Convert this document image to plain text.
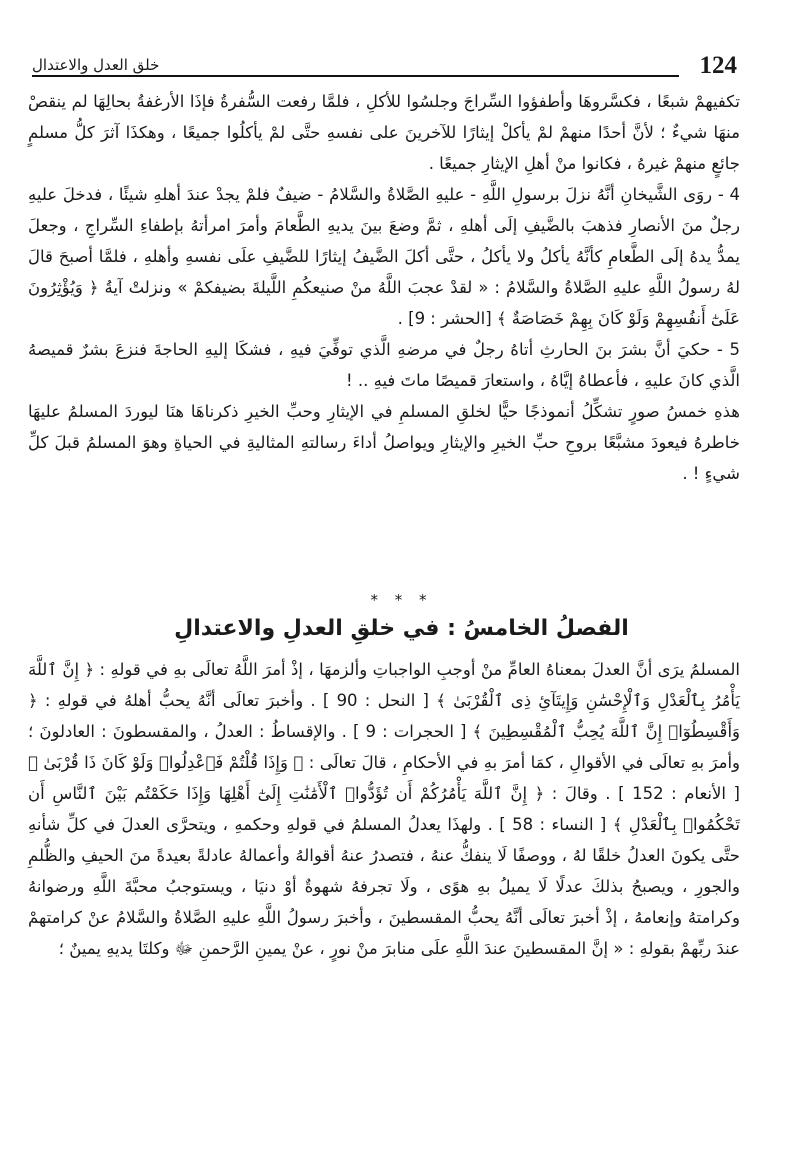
124
خلق العدل والاعتدال

تكفيهمْ شبعًا ، فكسَّروهَا وأطفؤوا السِّراجَ وجلسُوا للأكلِ ، فلمَّا رفعت السُّفرةُ فإذَا الأرغفةُ بحالِهَا لم ينقصْ منهَا شيءٌ ؛ لأنَّ أحدًا منهمْ لمْ يأكلْ إيثارًا للآخرينَ على نفسهِ حتَّى لمْ يأكلُوا جميعًا ، وهكذَا آثرَ كلُّ مسلمٍ جائعٍ منهمْ غيرهُ ، فكانوا منْ أهلِ الإيثارِ جميعًا .

4 - روَى الشَّيخانِ أنَّهُ نزلَ برسولِ اللَّهِ - عليهِ الصَّلاةُ والسَّلامُ - ضيفٌ فلمْ يجدْ عندَ أهلهِ شيئًا ، فدخلَ عليهِ رجلٌ منَ الأنصارِ فذهبَ بالضَّيفِ إلَى أهلهِ ، ثمَّ وضعَ بينَ يديهِ الطَّعامَ وأمرَ امرأتهُ بإطفاءِ السِّراجِ ، وجعلَ يمدُّ يدهُ إلَى الطَّعامِ كأنَّهُ يأكلُ ولا يأكلُ ، حتَّى أكلَ الضَّيفُ إيثارًا للضَّيفِ علَى نفسهِ وأهلهِ ، فلمَّا أصبحَ قالَ لهُ رسولُ اللَّهِ عليهِ الصَّلاةُ والسَّلامُ : « لقدْ عجبَ اللَّهُ منْ صنيعكُمِ اللَّيلةَ بضيفكمْ » ونزلتْ آيةُ ﴿ وَيُؤْثِرُونَ عَلَىٰٓ أَنفُسِهِمْ وَلَوْ كَانَ بِهِمْ خَصَاصَةٌ ﴾ [الحشر : 9] .

5 - حكيَ أنَّ بشرَ بنَ الحارثِ أتاهُ رجلٌ في مرضهِ الَّذي توفِّيَ فيهِ ، فشكَا إليهِ الحاجةَ فنزعَ بشرٌ قميصهُ الَّذي كانَ عليهِ ، فأعطاهُ إيَّاهُ ، واستعارَ قميصًا ماتَ فيهِ .. !

هذهِ خمسُ صورٍ تشكِّلُ أنموذجًا حيًّا لخلقِ المسلمِ في الإيثارِ وحبِّ الخيرِ ذكرناهَا هنَا ليوردَ المسلمُ عليهَا خاطرهُ فيعودَ مشبَّعًا بروحِ حبِّ الخيرِ والإيثارِ ويواصلُ أداءَ رسالتهِ المثاليةِ في الحياةِ وهوَ المسلمُ قبلَ كلِّ شيءٍ ! .

* * *
الفصلُ الخامسُ : في خلقِ العدلِ والاعتدالِ

المسلمُ يرَى أنَّ العدلَ بمعناهُ العامِّ منْ أوجبِ الواجباتِ وألزمهَا ، إذْ أمرَ اللَّهُ تعالَى بهِ في قولهِ : ﴿ إِنَّ ٱللَّهَ يَأْمُرُ بِٱلْعَدْلِ وَٱلْإِحْسَٰنِ وَإِيتَآئِ ذِى ٱلْقُرْبَىٰ ﴾ [ النحل : 90 ] . وأخبرَ تعالَى أنَّهُ يحبُّ أهلهُ في قولهِ : ﴿ وَأَقْسِطُوٓا۟ إِنَّ ٱللَّهَ يُحِبُّ ٱلْمُقْسِطِينَ ﴾ [ الحجرات : 9 ] . والإقساطُ : العدلُ ، والمقسطونَ : العادلونَ ؛ وأمرَ بهِ تعالَى في الأقوالِ ، كمَا أمرَ بهِ في الأحكامِ ، قالَ تعالَى : ﴿ وَإِذَا قُلْتُمْ فَٱعْدِلُوا۟ وَلَوْ كَانَ ذَا قُرْبَىٰ ﴾ [ الأنعام : 152 ] . وقالَ : ﴿ إِنَّ ٱللَّهَ يَأْمُرُكُمْ أَن تُؤَدُّوا۟ ٱلْأَمَٰنَٰتِ إِلَىٰٓ أَهْلِهَا وَإِذَا حَكَمْتُم بَيْنَ ٱلنَّاسِ أَن تَحْكُمُوا۟ بِٱلْعَدْلِ ﴾ [ النساء : 58 ] . ولهذَا يعدلُ المسلمُ في قولهِ وحكمهِ ، ويتحرَّى العدلَ في كلِّ شأنهِ حتَّى يكونَ العدلُ خلقًا لهُ ، ووصفًا لَا ينفكُّ عنهُ ، فتصدرُ عنهُ أقوالهُ وأعمالهُ عادلةً بعيدةً منَ الحيفِ والظُّلمِ والجورِ ، ويصبحُ بذلكَ عدلًا لَا يميلُ بهِ هوًى ، ولَا تجرفهُ شهوةٌ أوْ دنيَا ، ويستوجبُ محبَّةَ اللَّهِ ورضوانهُ وكرامتهُ وإنعامهُ ، إذْ أخبرَ تعالَى أنَّهُ يحبُّ المقسطينَ ، وأخبرَ رسولُ اللَّهِ عليهِ الصَّلاةُ والسَّلامُ عنْ كرامتهمْ عندَ ربِّهمْ بقولهِ : « إنَّ المقسطينَ عندَ اللَّهِ علَى منابرَ منْ نورٍ ، عنْ يمينِ الرَّحمنِ ﷻ وكلتَا يديهِ يمينٌ ؛
